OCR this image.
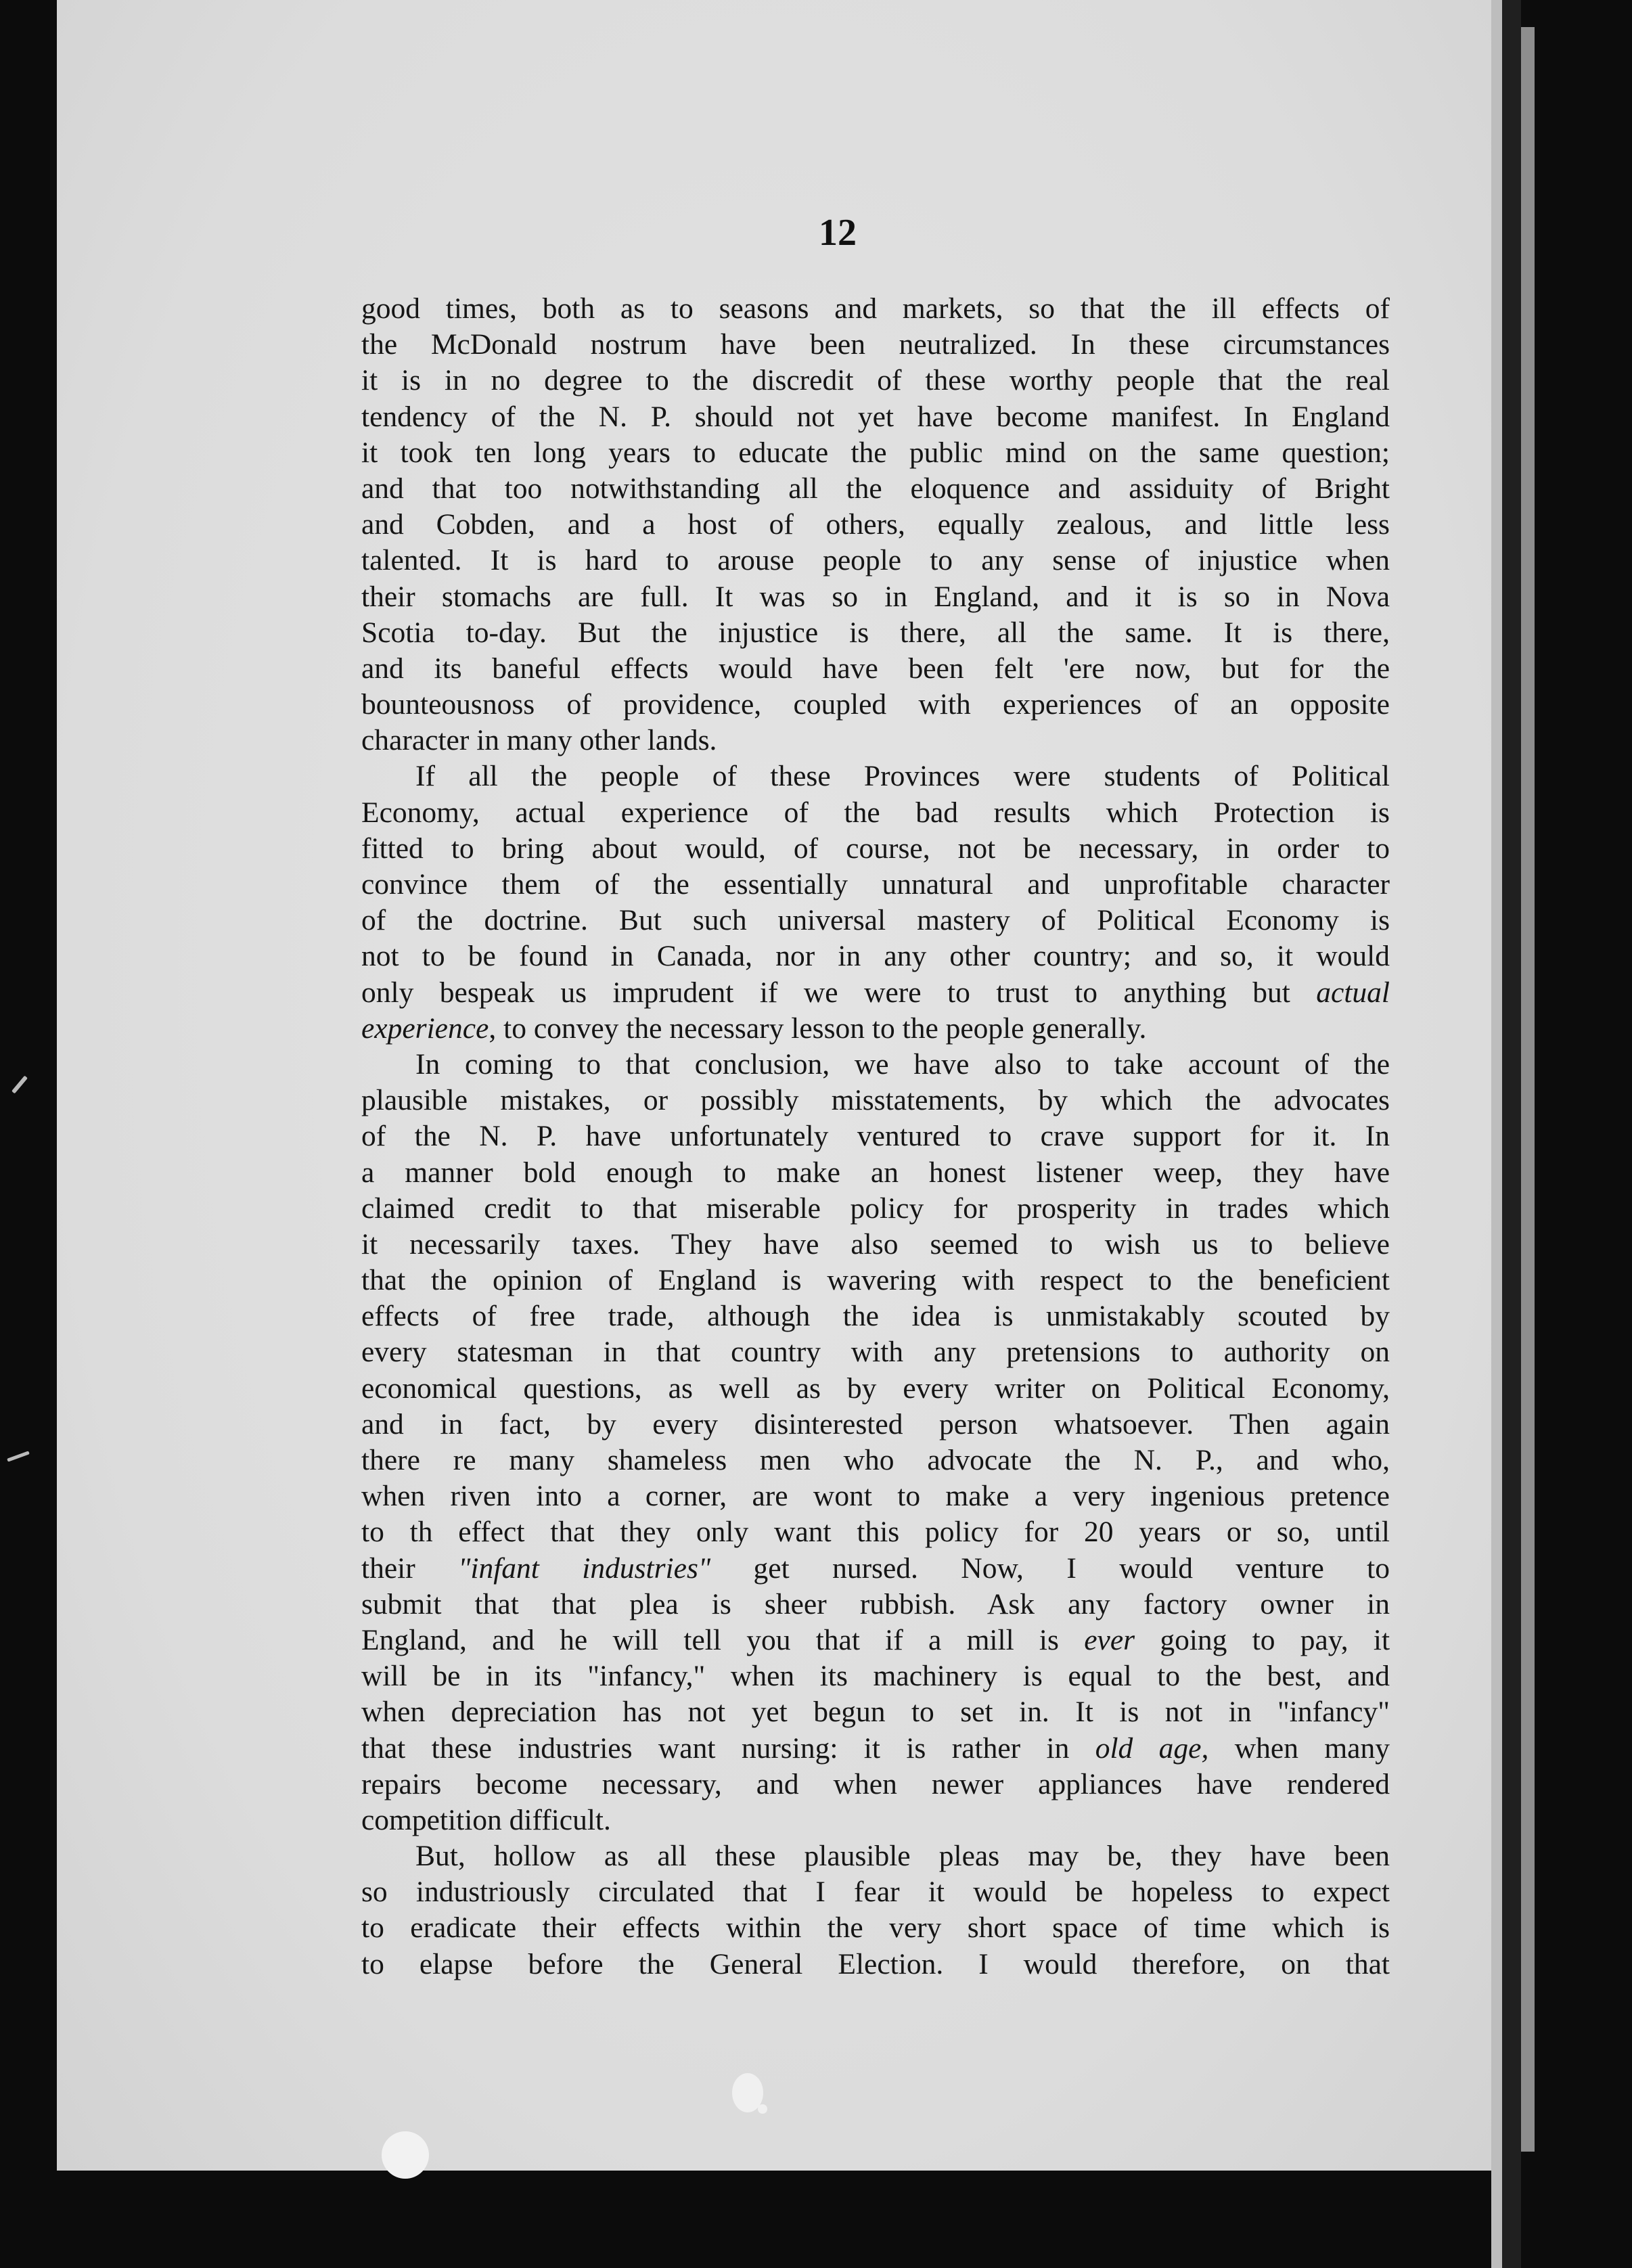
12
good times, both as to seasons and markets, so that the ill effects of
the McDonald nostrum have been neutralized. In these circumstances
it is in no degree to the discredit of these worthy people that the real
tendency of the N. P. should not yet have become manifest. In England
it took ten long years to educate the public mind on the same question;
and that too notwithstanding all the eloquence and assiduity of Bright
and Cobden, and a host of others, equally zealous, and little less
talented. It is hard to arouse people to any sense of injustice when
their stomachs are full. It was so in England, and it is so in Nova
Scotia to-day. But the injustice is there, all the same. It is there,
and its baneful effects would have been felt 'ere now, but for the
bounteousnoss of providence, coupled with experiences of an opposite
character in many other lands.
If all the people of these Provinces were students of Political
Economy, actual experience of the bad results which Protection is
fitted to bring about would, of course, not be necessary, in order to
convince them of the essentially unnatural and unprofitable character
of the doctrine. But such universal mastery of Political Economy is
not to be found in Canada, nor in any other country; and so, it would
only bespeak us imprudent if we were to trust to anything but actual
experience, to convey the necessary lesson to the people generally.
In coming to that conclusion, we have also to take account of the
plausible mistakes, or possibly misstatements, by which the advocates
of the N. P. have unfortunately ventured to crave support for it. In
a manner bold enough to make an honest listener weep, they have
claimed credit to that miserable policy for prosperity in trades which
it necessarily taxes. They have also seemed to wish us to believe
that the opinion of England is wavering with respect to the beneficient
effects of free trade, although the idea is unmistakably scouted by
every statesman in that country with any pretensions to authority on
economical questions, as well as by every writer on Political Economy,
and in fact, by every disinterested person whatsoever. Then again
there re many shameless men who advocate the N. P., and who,
when riven into a corner, are wont to make a very ingenious pretence
to th effect that they only want this policy for 20 years or so, until
their "infant industries" get nursed. Now, I would venture to
submit that that plea is sheer rubbish. Ask any factory owner in
England, and he will tell you that if a mill is ever going to pay, it
will be in its "infancy," when its machinery is equal to the best, and
when depreciation has not yet begun to set in. It is not in "infancy"
that these industries want nursing: it is rather in old age, when many
repairs become necessary, and when newer appliances have rendered
competition difficult.
But, hollow as all these plausible pleas may be, they have been
so industriously circulated that I fear it would be hopeless to expect
to eradicate their effects within the very short space of time which is
to elapse before the General Election. I would therefore, on that
